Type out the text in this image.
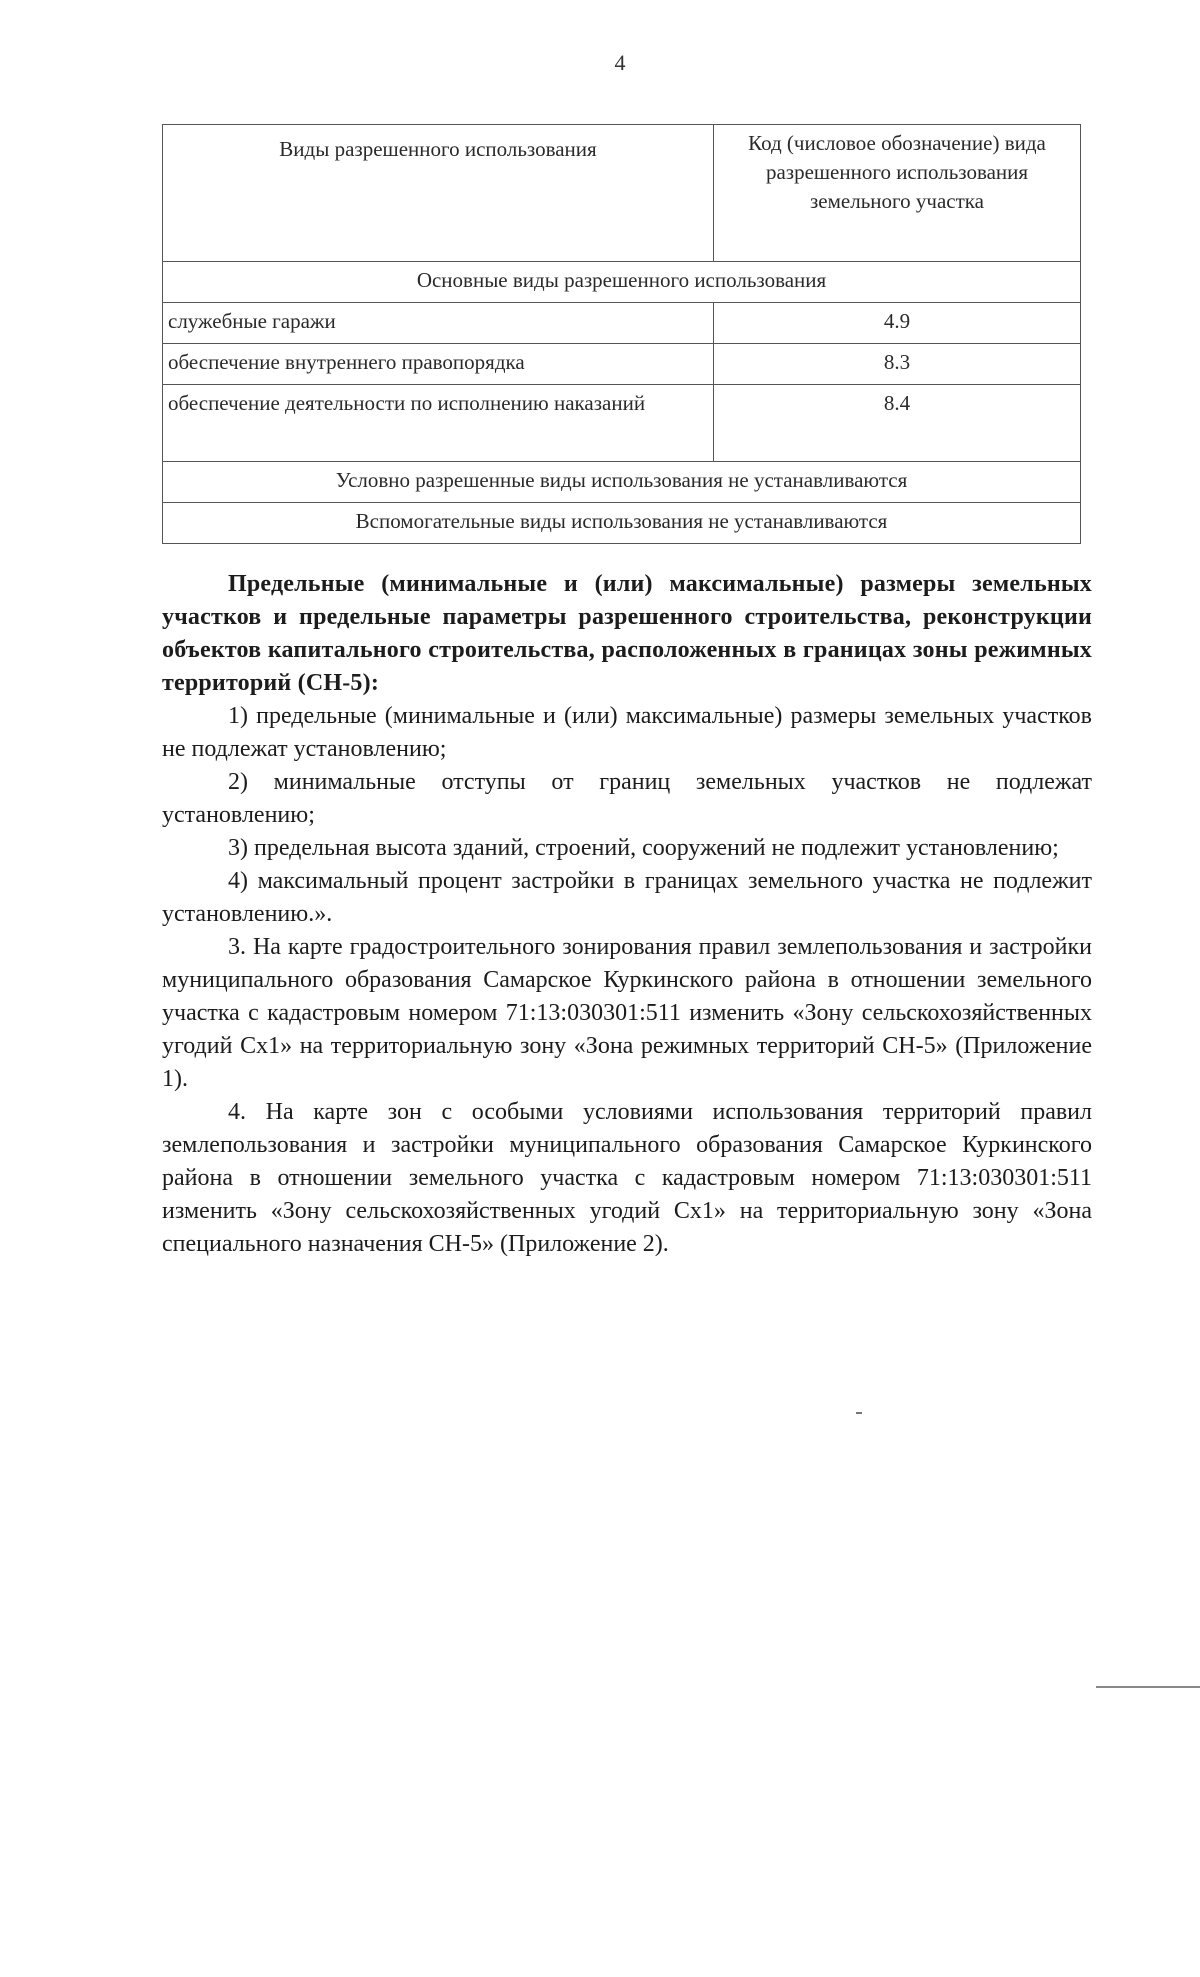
4
Виды разрешенного использования	Код (числовое обозначение) вида разрешенного использования земельного участка
Основные виды разрешенного использования	
служебные гаражи	4.9
обеспечение внутреннего правопорядка	8.3
обеспечение деятельности по исполнению наказаний	8.4
Условно разрешенные виды использования не устанавливаются	
Вспомогательные виды использования не устанавливаются	

Предельные (минимальные и (или) максимальные) размеры земельных участков и предельные параметры разрешенного строительства, реконструкции объектов капитального строительства, расположенных в границах зоны режимных территорий (СН-5):

1) предельные (минимальные и (или) максимальные) размеры земельных участков не подлежат установлению;

2) минимальные отступы от границ земельных участков не подлежат установлению;

3) предельная высота зданий, строений, сооружений не подлежит установлению;

4) максимальный процент застройки в границах земельного участка не подлежит установлению.».

3. На карте градостроительного зонирования правил землепользования и застройки муниципального образования Самарское Куркинского района в отношении земельного участка с кадастровым номером 71:13:030301:511 изменить «Зону сельскохозяйственных угодий Сх1» на территориальную зону «Зона режимных территорий СН-5» (Приложение 1).

4. На карте зон с особыми условиями использования территорий правил землепользования и застройки муниципального образования Самарское Куркинского района в отношении земельного участка с кадастровым номером 71:13:030301:511 изменить «Зону сельскохозяйственных угодий Сх1» на территориальную зону «Зона специального назначения СН-5» (Приложение 2).
